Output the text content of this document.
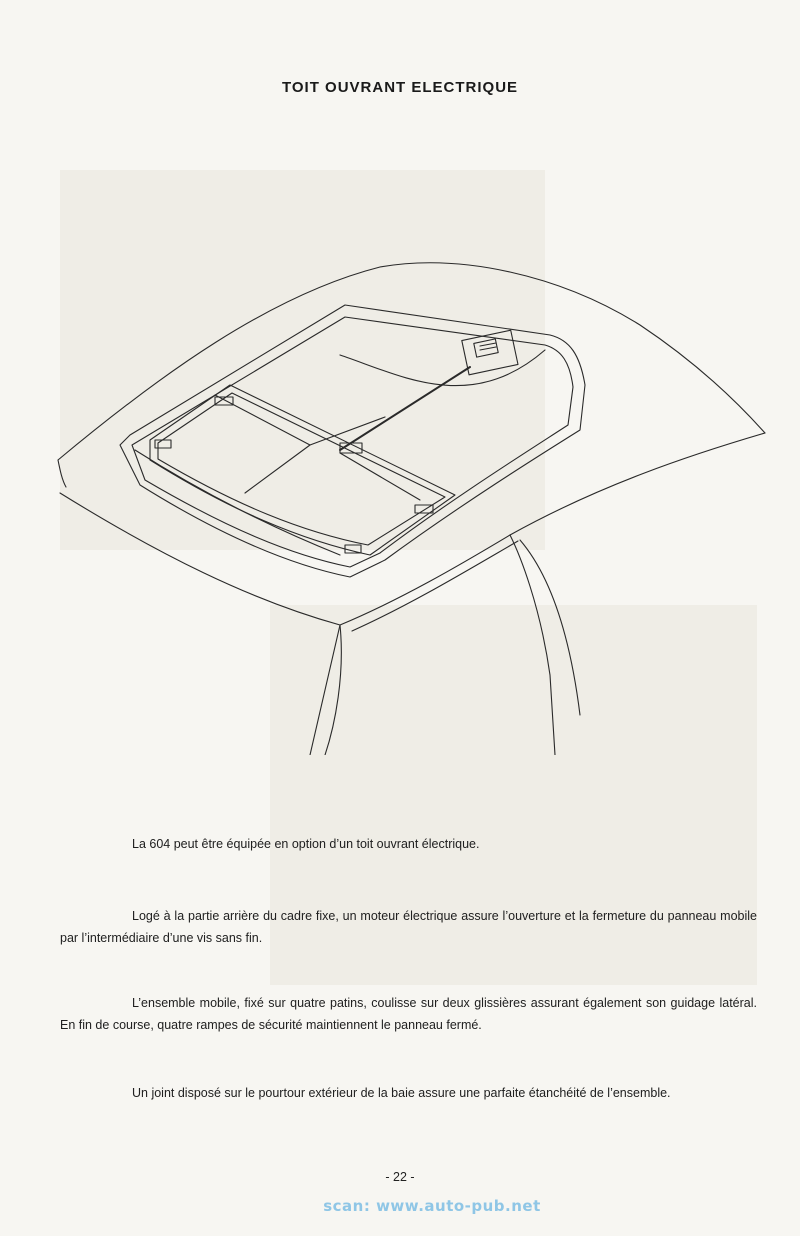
TOIT OUVRANT ELECTRIQUE
La 604 peut être équipée en option d’un toit ouvrant électrique.
Logé à la partie arrière du cadre fixe, un moteur électrique assure l’ouverture et la fermeture du panneau mobile par l’intermédiaire d’une vis sans fin.
L’ensemble mobile, fixé sur quatre patins, coulisse sur deux glissières assurant également son guidage latéral. En fin de course, quatre rampes de sécurité maintiennent le panneau fermé.
Un joint disposé sur le pourtour extérieur de la baie assure une parfaite étanchéité de l’ensemble.
- 22 -
scan: www.auto-pub.net
